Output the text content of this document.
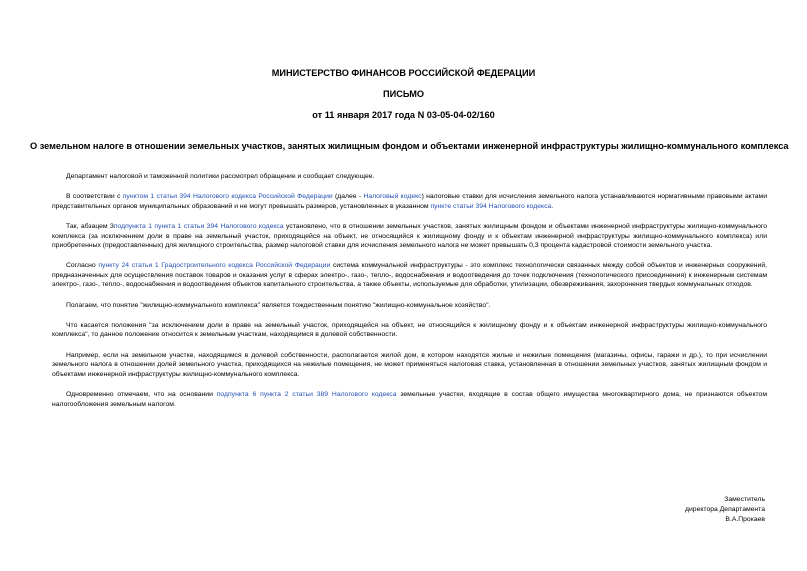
МИНИСТЕРСТВО ФИНАНСОВ РОССИЙСКОЙ ФЕДЕРАЦИИ
ПИСЬМО
от 11 января 2017 года N 03-05-04-02/160
О земельном налоге в отношении земельных участков, занятых жилищным фондом и объектами инженерной инфраструктуры жилищно-коммунального комплекса

Департамент налоговой и таможенной политики рассмотрел обращение и сообщает следующее.

В соответствии с пунктом 1 статьи 394 Налогового кодекса Российской Федерации (далее - Налоговый кодекс) налоговые ставки для исчисления земельного налога устанавливаются нормативными правовыми актами представительных органов муниципальных образований и не могут превышать размеров, установленных в указанном пункте статьи 394 Налогового кодекса.

Так, абзацем 3подпункта 1 пункта 1 статьи 394 Налогового кодекса установлено, что в отношении земельных участков, занятых жилищным фондом и объектами инженерной инфраструктуры жилищно-коммунального комплекса (за исключением доли в праве на земельный участок, приходящейся на объект, не относящийся к жилищному фонду и к объектам инженерной инфраструктуры жилищно-коммунального комплекса) или приобретенных (предоставленных) для жилищного строительства, размер налоговой ставки для исчисления земельного налога не может превышать 0,3 процента кадастровой стоимости земельного участка.

Согласно пункту 24 статьи 1 Градостроительного кодекса Российской Федерации система коммунальной инфраструктуры - это комплекс технологически связанных между собой объектов и инженерных сооружений, предназначенных для осуществления поставок товаров и оказания услуг в сферах электро-, газо-, тепло-, водоснабжения и водоотведения до точек подключения (технологического присоединения) к инженерным системам электро-, газо-, тепло-, водоснабжения и водоотведения объектов капитального строительства, а также объекты, используемые для обработки, утилизации, обезвреживания, захоронения твердых коммунальных отходов.

Полагаем, что понятие "жилищно-коммунального комплекса" является тождественным понятию "жилищно-коммунальное хозяйство".

Что касается положения "за исключением доли в праве на земельный участок, приходящейся на объект, не относящийся к жилищному фонду и к объектам инженерной инфраструктуры жилищно-коммунального комплекса", то данное положение относится к земельным участкам, находящимся в долевой собственности.

Например, если на земельном участке, находящимся в долевой собственности, располагается жилой дом, в котором находятся жилые и нежилые помещения (магазины, офисы, гаражи и др.), то при исчислении земельного налога в отношении долей земельного участка, приходящихся на нежилые помещения, не может применяться налоговая ставка, установленная в отношении земельных участков, занятых жилищным фондом и объектами инженерной инфраструктуры жилищно-коммунального комплекса.

Одновременно отмечаем, что на основании подпункта 6 пункта 2 статьи 389 Налогового кодекса земельные участки, входящие в состав общего имущества многоквартирного дома, не признаются объектом налогообложения земельным налогом.

Заместитель
директора Департамента
В.А.Прокаев
